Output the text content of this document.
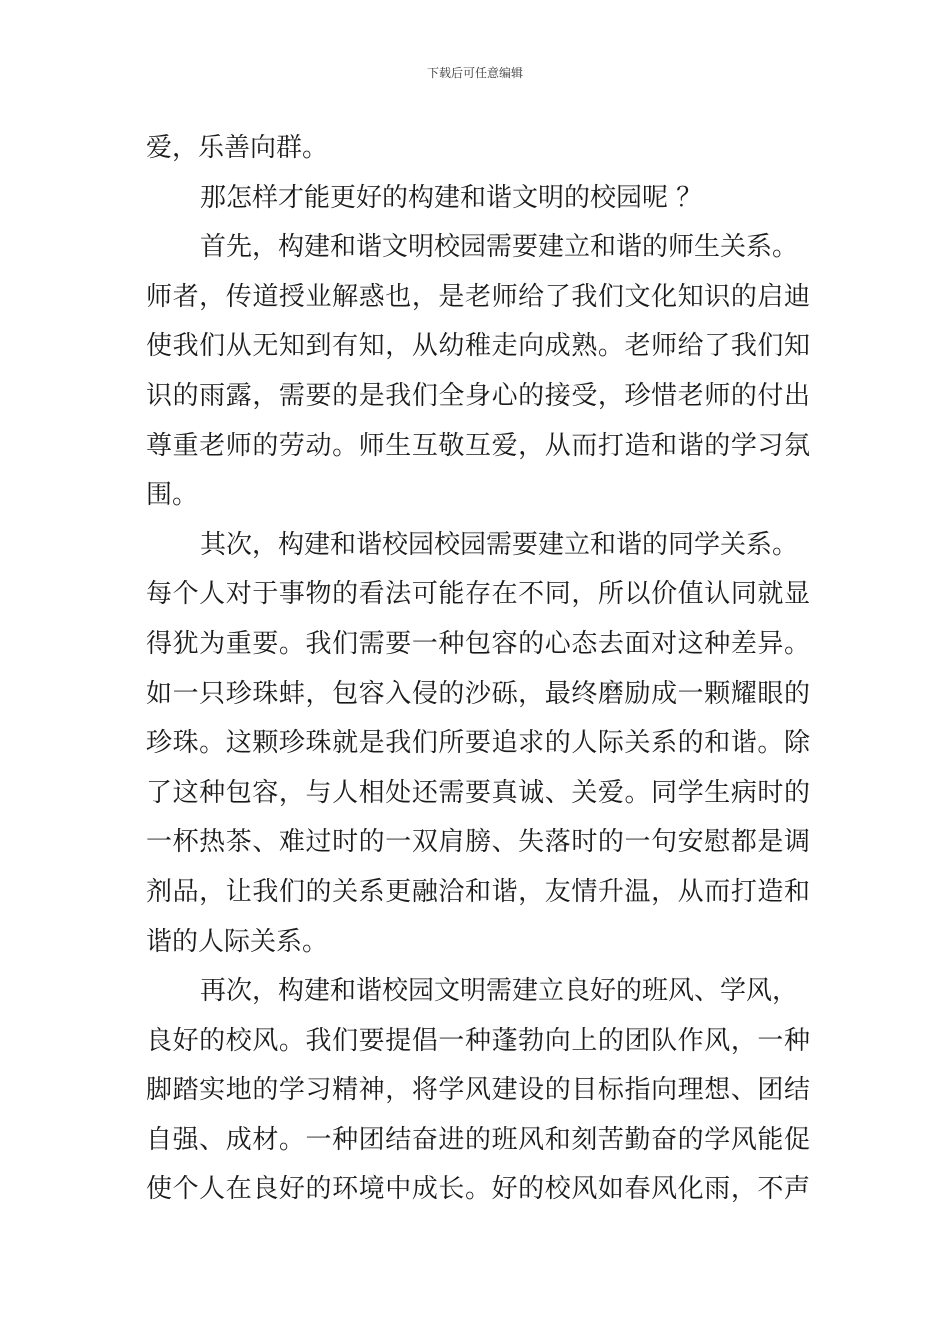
下载后可任意编辑
爱，乐善向群。
那怎样才能更好的构建和谐文明的校园呢 ？
首先，构建和谐文明校园需要建立和谐的师生关系。
师者，传道授业解惑也，是老师给了我们文化知识的启迪
使我们从无知到有知，从幼稚走向成熟。老师给了我们知
识的雨露，需要的是我们全身心的接受，珍惜老师的付出
尊重老师的劳动。师生互敬互爱，从而打造和谐的学习氛
围。
其次，构建和谐校园校园需要建立和谐的同学关系。
每个人对于事物的看法可能存在不同，所以价值认同就显
得犹为重要。我们需要一种包容的心态去面对这种差异。
如一只珍珠蚌，包容入侵的沙砾，最终磨励成一颗耀眼的
珍珠。这颗珍珠就是我们所要追求的人际关系的和谐。除
了这种包容，与人相处还需要真诚、关爱。同学生病时的
一杯热茶、难过时的一双肩膀、失落时的一句安慰都是调
剂品，让我们的关系更融洽和谐，友情升温，从而打造和
谐的人际关系。
再次，构建和谐校园文明需建立良好的班风、学风，
良好的校风。我们要提倡一种蓬勃向上的团队作风，一种
脚踏实地的学习精神，将学风建设的目标指向理想、团结
自强、成材。一种团结奋进的班风和刻苦勤奋的学风能促
使个人在良好的环境中成长。好的校风如春风化雨，不声
